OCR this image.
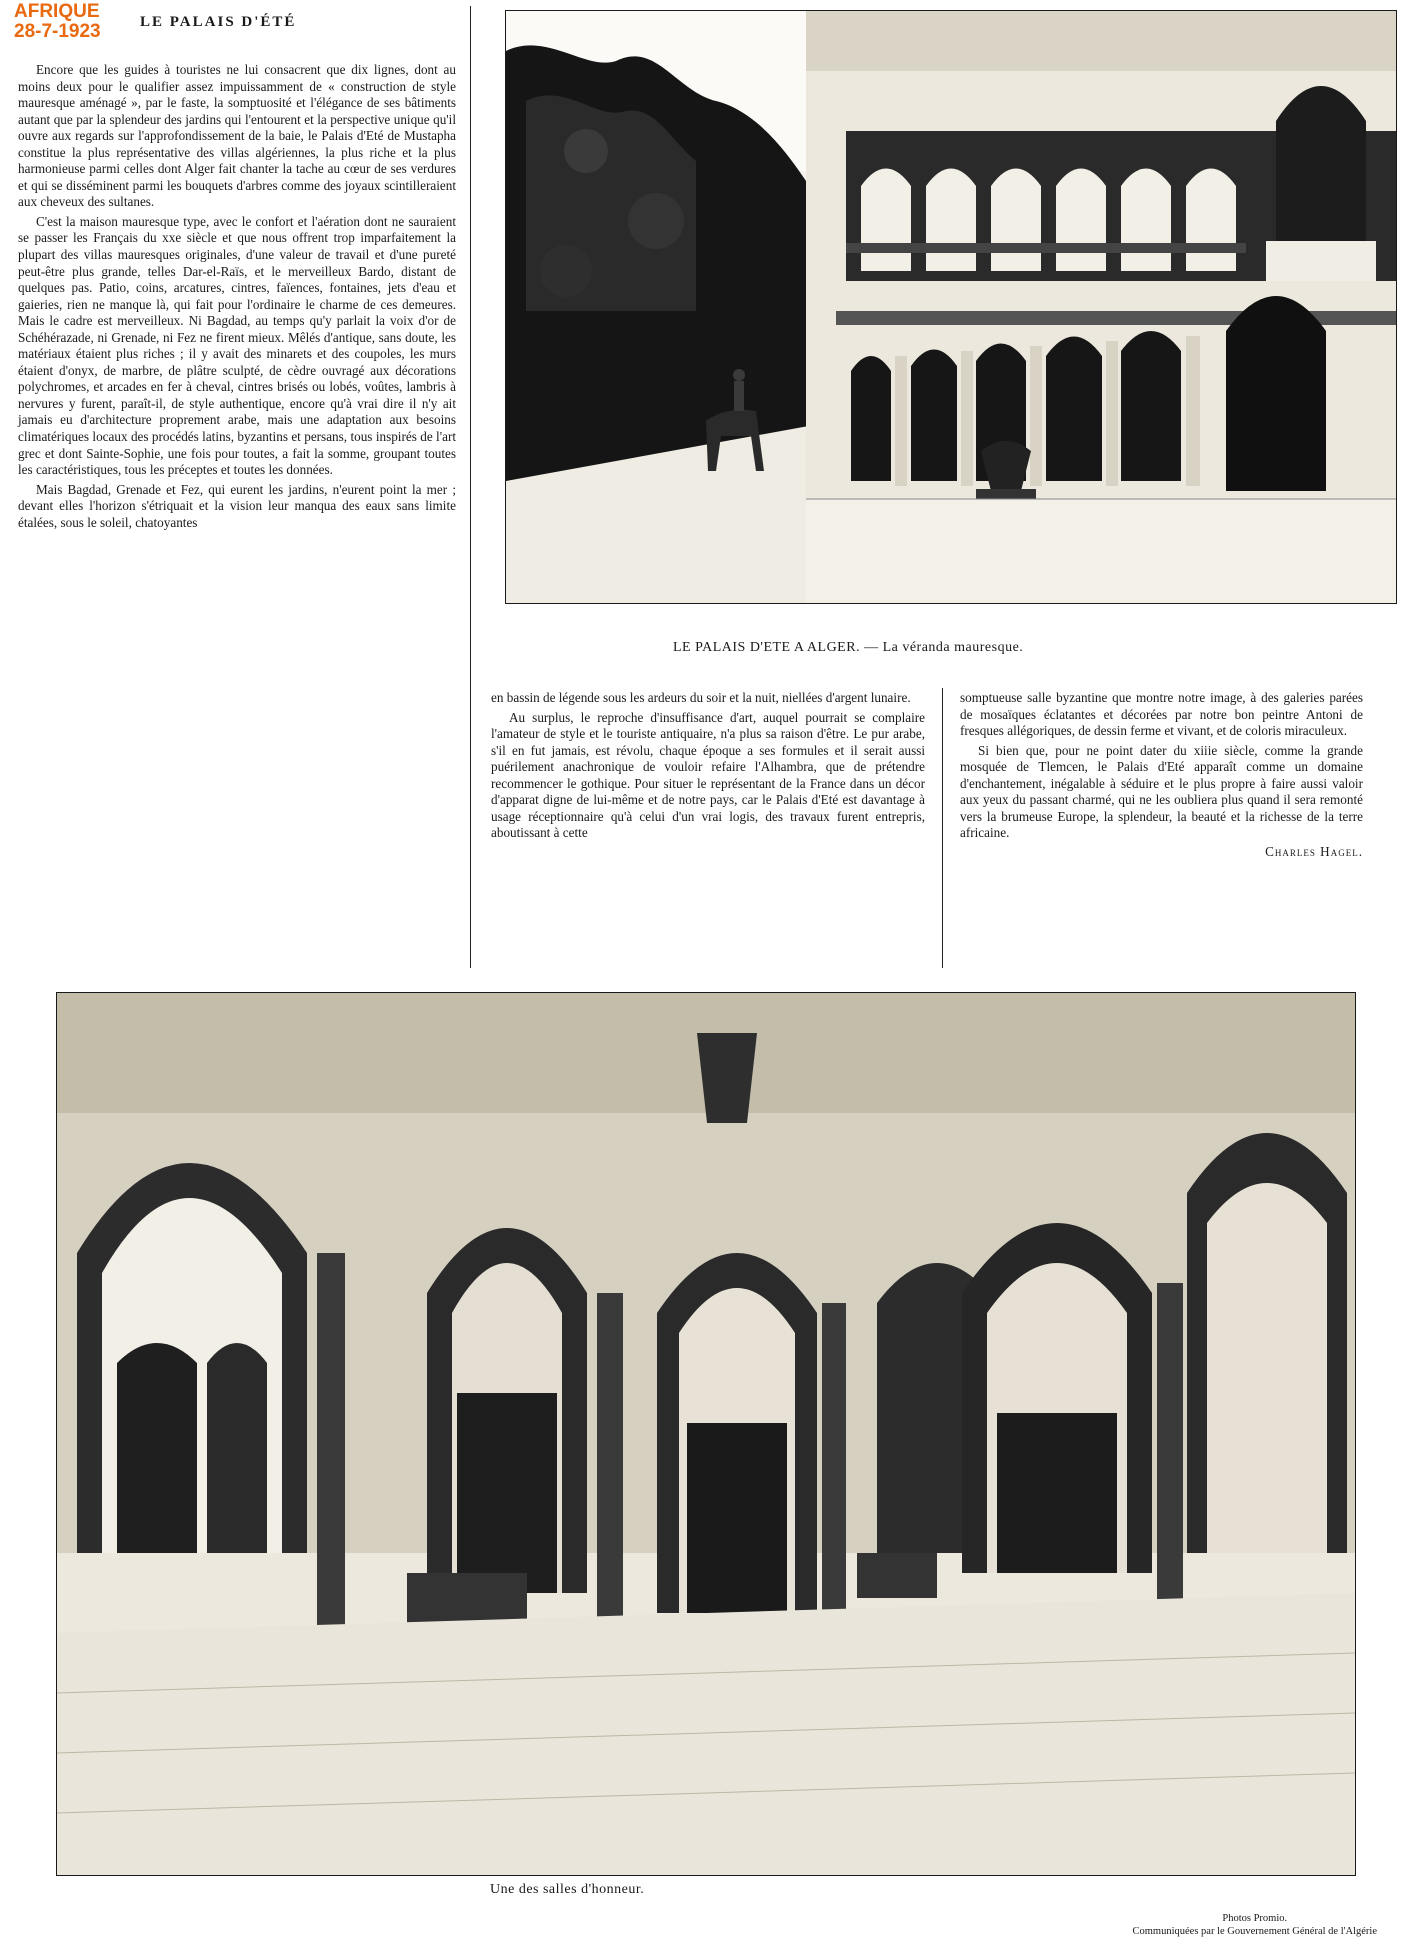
AFRIQUE
28-7-1923	LE PALAIS D'ÉTÉ

Encore que les guides à touristes ne lui consacrent que dix lignes, dont au moins deux pour le qualifier assez impuissamment de « construction de style mauresque aménagé », par le faste, la somptuosité et l'élégance de ses bâtiments autant que par la splendeur des jardins qui l'entourent et la perspective unique qu'il ouvre aux regards sur l'approfondissement de la baie, le Palais d'Eté de Mustapha constitue la plus représentative des villas algériennes, la plus riche et la plus harmonieuse parmi celles dont Alger fait chanter la tache au cœur de ses verdures et qui se disséminent parmi les bouquets d'arbres comme des joyaux scintilleraient aux cheveux des sultanes.

C'est la maison mauresque type, avec le confort et l'aération dont ne sauraient se passer les Français du xxe siècle et que nous offrent trop imparfaitement la plupart des villas mauresques originales, d'une valeur de travail et d'une pureté peut-être plus grande, telles Dar-el-Raïs, et le merveilleux Bardo, distant de quelques pas. Patio, coins, arcatures, cintres, faïences, fontaines, jets d'eau et gaieries, rien ne manque là, qui fait pour l'ordinaire le charme de ces demeures. Mais le cadre est merveilleux. Ni Bagdad, au temps qu'y parlait la voix d'or de Schéhérazade, ni Grenade, ni Fez ne firent mieux. Mêlés d'antique, sans doute, les matériaux étaient plus riches ; il y avait des minarets et des coupoles, les murs étaient d'onyx, de marbre, de plâtre sculpté, de cèdre ouvragé aux décorations polychromes, et arcades en fer à cheval, cintres brisés ou lobés, voûtes, lambris à nervures y furent, paraît-il, de style authentique, encore qu'à vrai dire il n'y ait jamais eu d'architecture proprement arabe, mais une adaptation aux besoins climatériques locaux des procédés latins, byzantins et persans, tous inspirés de l'art grec et dont Sainte-Sophie, une fois pour toutes, a fait la somme, groupant toutes les caractéristiques, tous les préceptes et toutes les données.

Mais Bagdad, Grenade et Fez, qui eurent les jardins, n'eurent point la mer ; devant elles l'horizon s'étriquait et la vision leur manqua des eaux sans limite étalées, sous le soleil, chatoyantes

LE PALAIS D'ETE A ALGER. — La véranda mauresque.

en bassin de légende sous les ardeurs du soir et la nuit, niellées d'argent lunaire.

Au surplus, le reproche d'insuffisance d'art, auquel pourrait se complaire l'amateur de style et le touriste antiquaire, n'a plus sa raison d'être. Le pur arabe, s'il en fut jamais, est révolu, chaque époque a ses formules et il serait aussi puérilement anachronique de vouloir refaire l'Alhambra, que de prétendre recommencer le gothique. Pour situer le représentant de la France dans un décor d'apparat digne de lui-même et de notre pays, car le Palais d'Eté est davantage à usage réceptionnaire qu'à celui d'un vrai logis, des travaux furent entrepris, aboutissant à cette

somptueuse salle byzantine que montre notre image, à des galeries parées de mosaïques éclatantes et décorées par notre bon peintre Antoni de fresques allégoriques, de dessin ferme et vivant, et de coloris miraculeux.

Si bien que, pour ne point dater du xiiie siècle, comme la grande mosquée de Tlemcen, le Palais d'Eté apparaît comme un domaine d'enchantement, inégalable à séduire et le plus propre à faire aussi valoir aux yeux du passant charmé, qui ne les oubliera plus quand il sera remonté vers la brumeuse Europe, la splendeur, la beauté et la richesse de la terre africaine.

Charles Hagel.
Une des salles d'honneur.
Photos Promio.
Communiquées par le Gouvernement Général de l'Algérie
